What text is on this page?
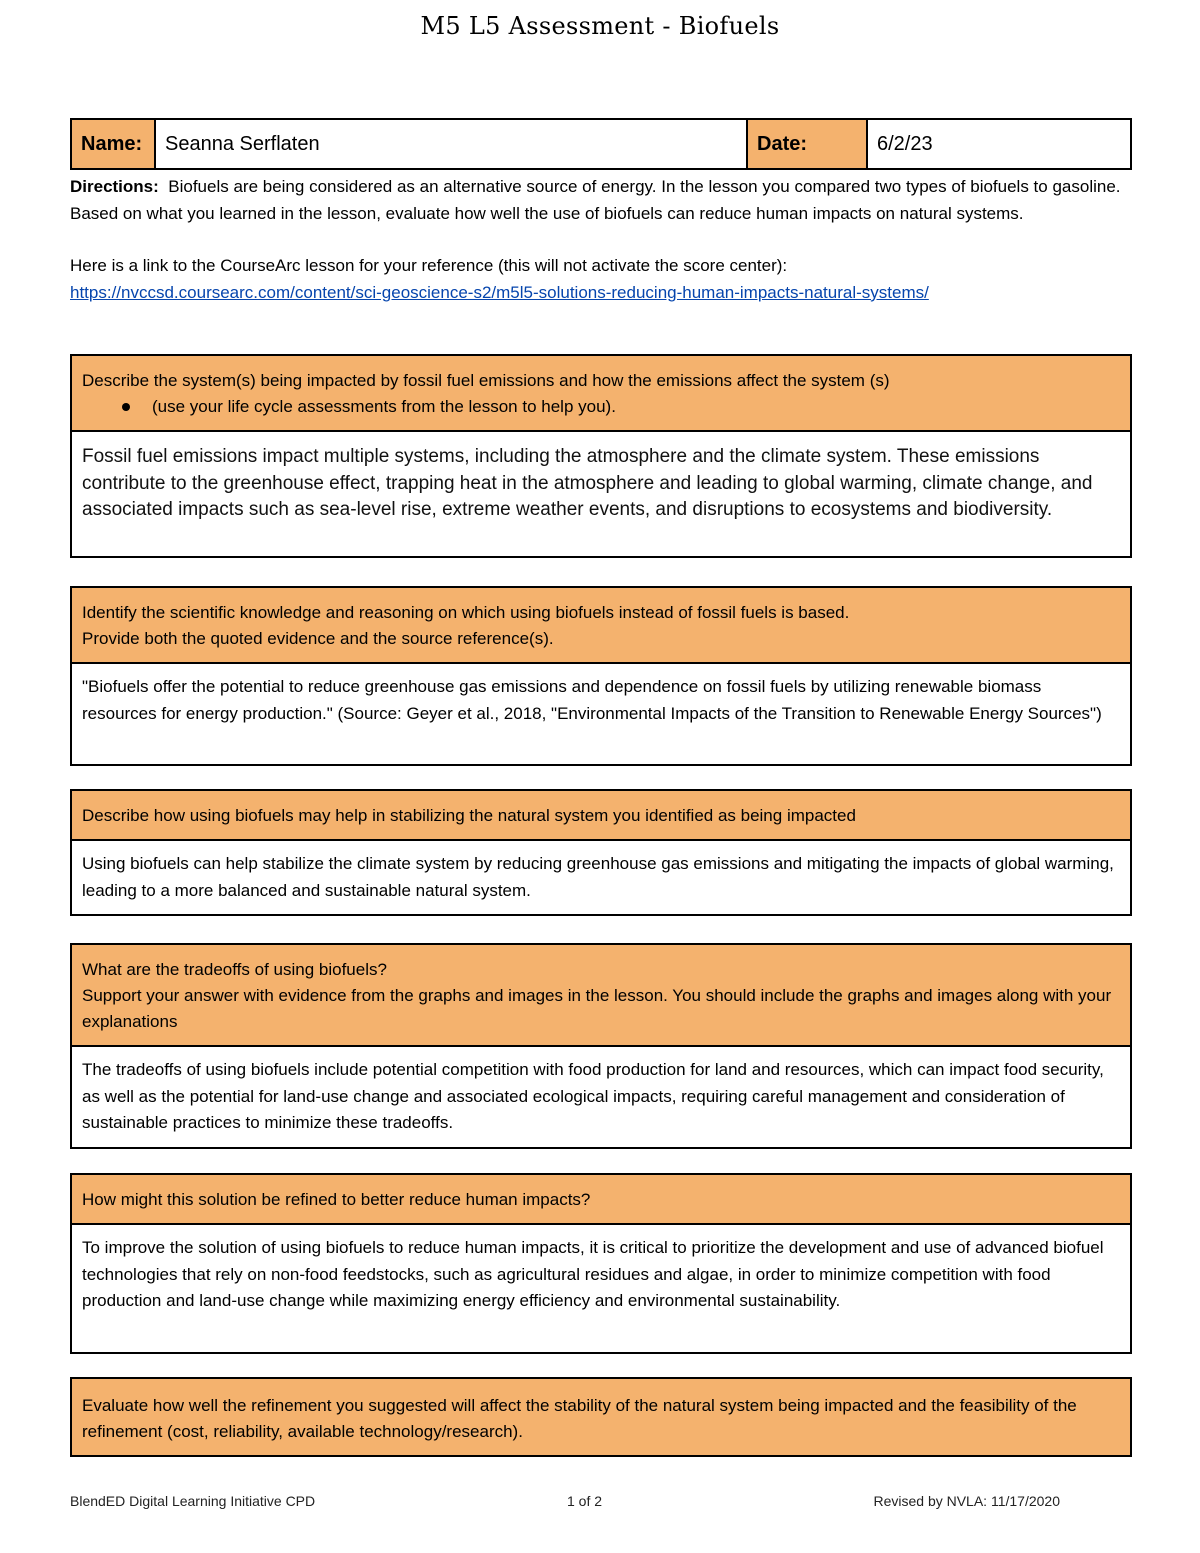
M5 L5 Assessment - Biofuels
Name:	Seanna Serflaten	Date:	6/2/23

Directions: Biofuels are being considered as an alternative source of energy. In the lesson you compared two types of biofuels to gasoline. Based on what you learned in the lesson, evaluate how well the use of biofuels can reduce human impacts on natural systems.

Here is a link to the CourseArc lesson for your reference (this will not activate the score center):

https://nvccsd.coursearc.com/content/sci-geoscience-s2/m5l5-solutions-reducing-human-impacts-natural-systems/

Describe the system(s) being impacted by fossil fuel emissions and how the emissions affect the system (s)
(use your life cycle assessments from the lesson to help you).
Fossil fuel emissions impact multiple systems, including the atmosphere and the climate system. These emissions contribute to the greenhouse effect, trapping heat in the atmosphere and leading to global warming, climate change, and associated impacts such as sea-level rise, extreme weather events, and disruptions to ecosystems and biodiversity.
Identify the scientific knowledge and reasoning on which using biofuels instead of fossil fuels is based.
Provide both the quoted evidence and the source reference(s).
"Biofuels offer the potential to reduce greenhouse gas emissions and dependence on fossil fuels by utilizing renewable biomass resources for energy production." (Source: Geyer et al., 2018, "Environmental Impacts of the Transition to Renewable Energy Sources")
Describe how using biofuels may help in stabilizing the natural system you identified as being impacted
Using biofuels can help stabilize the climate system by reducing greenhouse gas emissions and mitigating the impacts of global warming, leading to a more balanced and sustainable natural system.
What are the tradeoffs of using biofuels?
Support your answer with evidence from the graphs and images in the lesson. You should include the graphs and images along with your explanations
The tradeoffs of using biofuels include potential competition with food production for land and resources, which can impact food security, as well as the potential for land-use change and associated ecological impacts, requiring careful management and consideration of sustainable practices to minimize these tradeoffs.
How might this solution be refined to better reduce human impacts?
To improve the solution of using biofuels to reduce human impacts, it is critical to prioritize the development and use of advanced biofuel technologies that rely on non-food feedstocks, such as agricultural residues and algae, in order to minimize competition with food production and land-use change while maximizing energy efficiency and environmental sustainability.
Evaluate how well the refinement you suggested will affect the stability of the natural system being impacted and the feasibility of the refinement (cost, reliability, available technology/research).
BlendED Digital Learning Initiative CPD	1 of 2	Revised by NVLA: 11/17/2020
